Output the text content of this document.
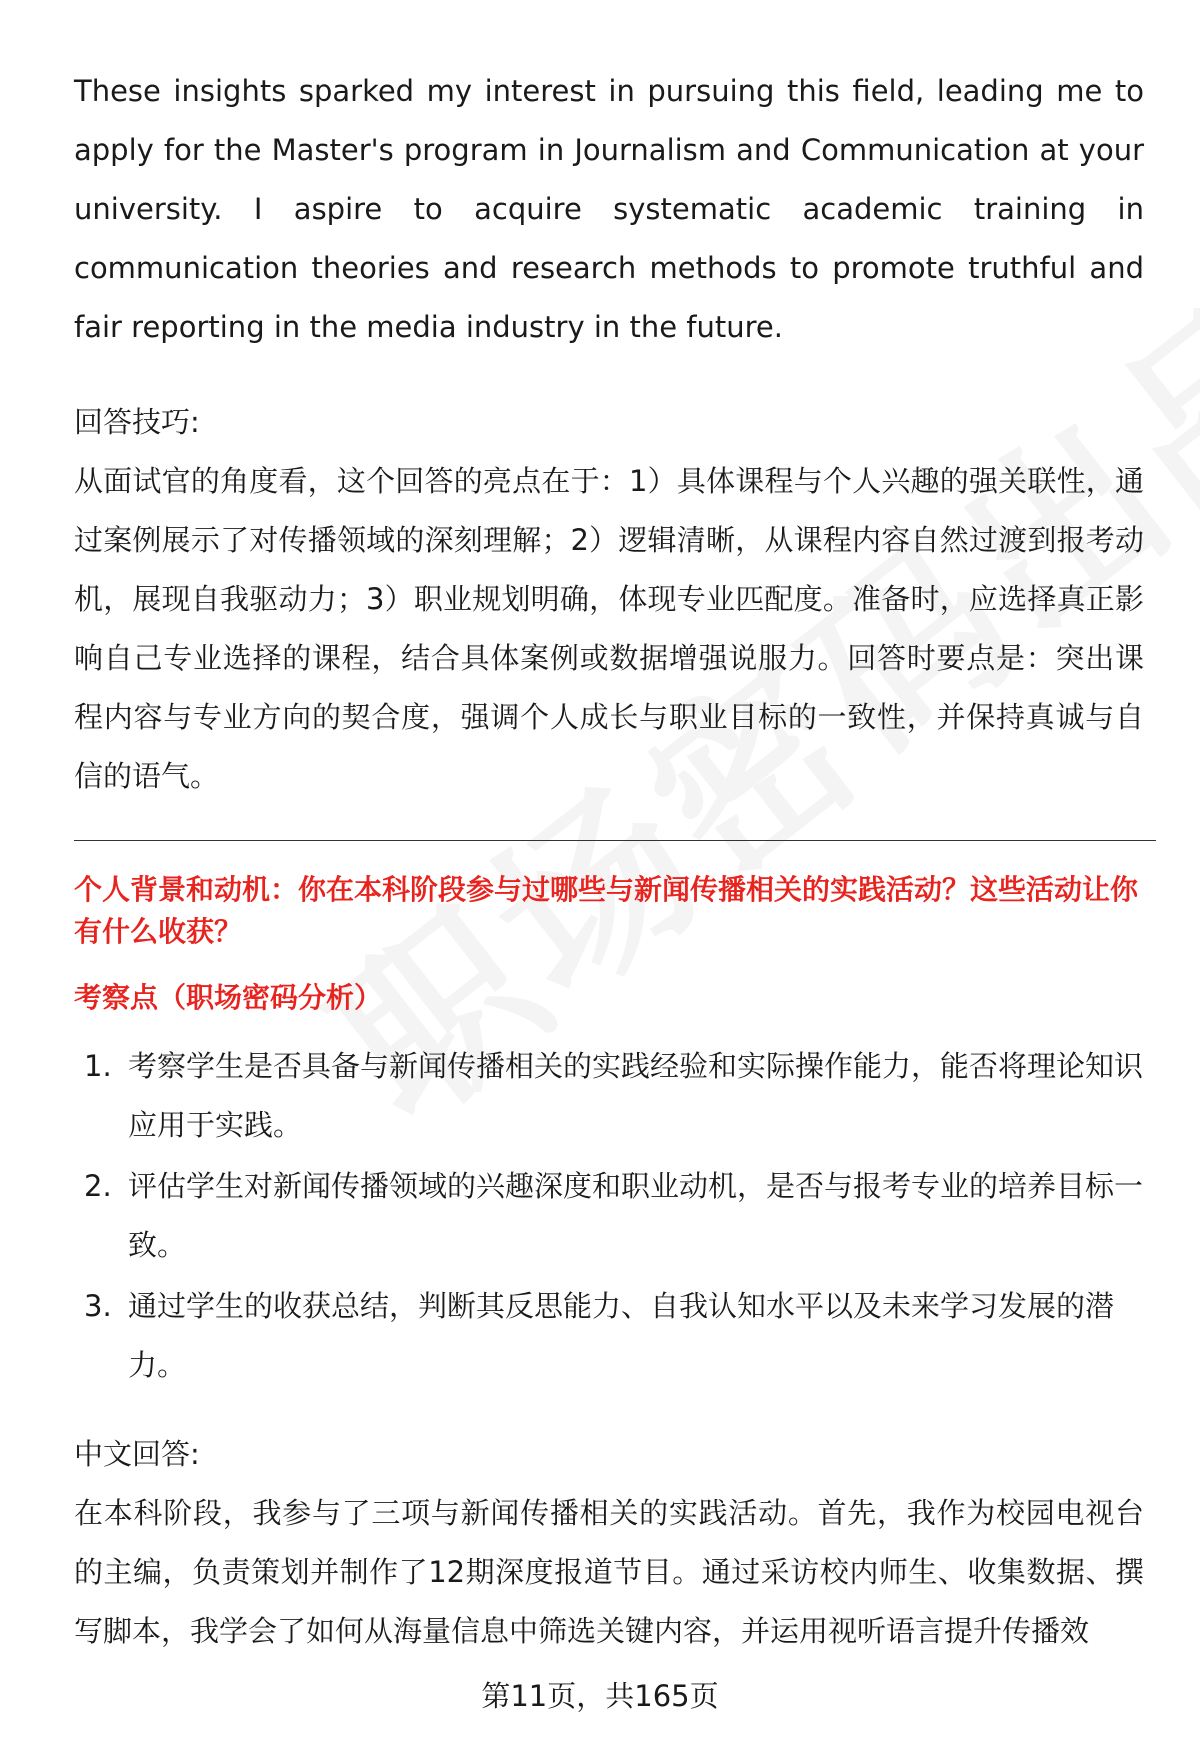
These insights sparked my interest in pursuing this field, leading me to apply for the Master's program in Journalism and Communication at your university. I aspire to acquire systematic academic training in communication theories and research methods to promote truthful and fair reporting in the media industry in the future.

回答技巧:

从面试官的角度看，这个回答的亮点在于：1）具体课程与个人兴趣的强关联性，通过案例展示了对传播领域的深刻理解；2）逻辑清晰，从课程内容自然过渡到报考动机，展现自我驱动力；3）职业规划明确，体现专业匹配度。准备时，应选择真正影响自己专业选择的课程，结合具体案例或数据增强说服力。回答时要点是：突出课程内容与专业方向的契合度，强调个人成长与职业目标的一致性，并保持真诚与自信的语气。

个人背景和动机：你在本科阶段参与过哪些与新闻传播相关的实践活动？这些活动让你有什么收获？

考察点（职场密码分析）

1. 考察学生是否具备与新闻传播相关的实践经验和实际操作能力，能否将理论知识应用于实践。
2. 评估学生对新闻传播领域的兴趣深度和职业动机，是否与报考专业的培养目标一致。
3. 通过学生的收获总结，判断其反思能力、自我认知水平以及未来学习发展的潜力。

中文回答:

在本科阶段，我参与了三项与新闻传播相关的实践活动。首先，我作为校园电视台的主编，负责策划并制作了12期深度报道节目。通过采访校内师生、收集数据、撰写脚本，我学会了如何从海量信息中筛选关键内容，并运用视听语言提升传播效

第11页，共165页
